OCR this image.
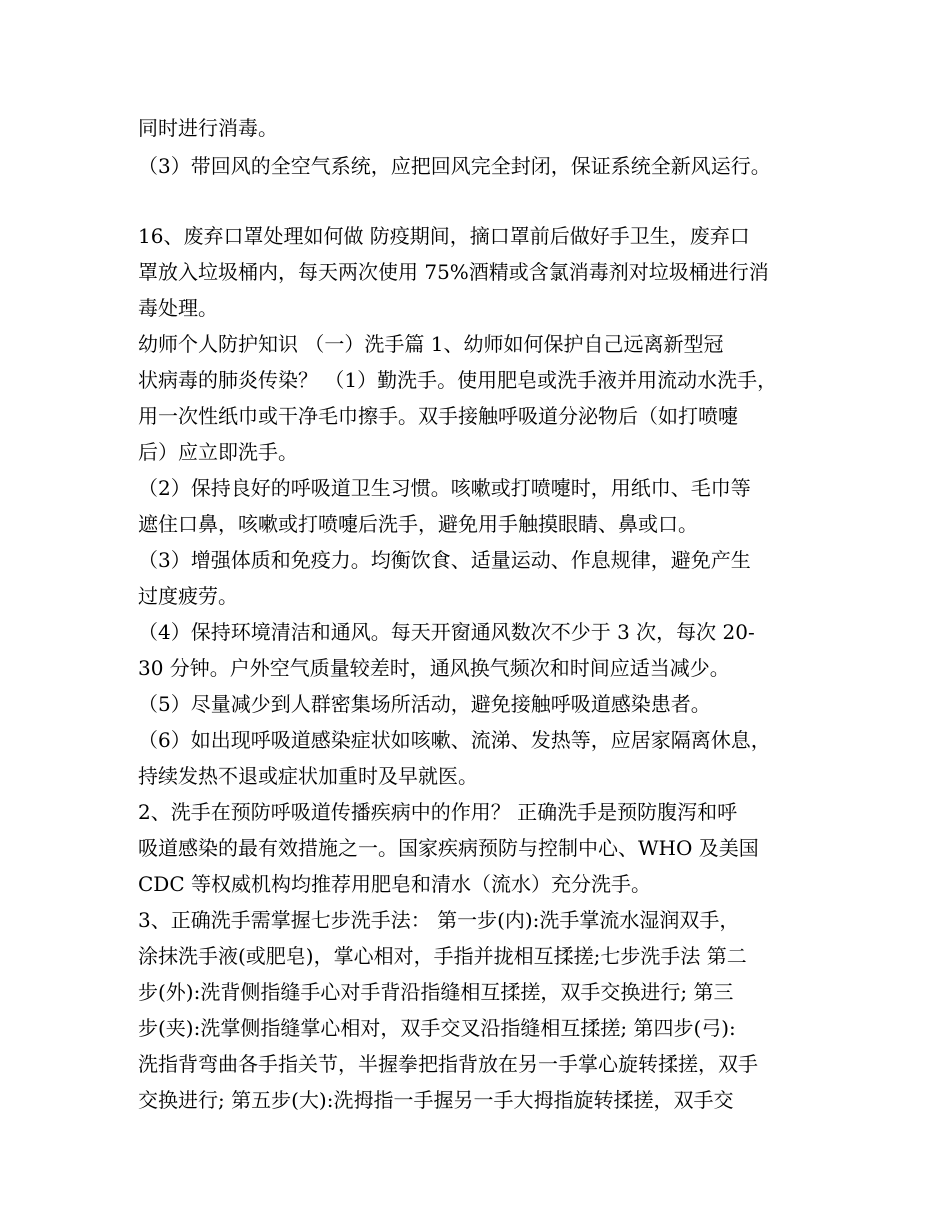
同时进行消毒。
（3）带回风的全空气系统，应把回风完全封闭，保证系统全新风运行。
16、废弃口罩处理如何做 防疫期间，摘口罩前后做好手卫生，废弃口
罩放入垃圾桶内，每天两次使用 75%酒精或含氯消毒剂对垃圾桶进行消
毒处理。
幼师个人防护知识 （一）洗手篇 1、幼师如何保护自己远离新型冠
状病毒的肺炎传染？ （1）勤洗手。使用肥皂或洗手液并用流动水洗手，
用一次性纸巾或干净毛巾擦手。双手接触呼吸道分泌物后（如打喷嚏
后）应立即洗手。
（2）保持良好的呼吸道卫生习惯。咳嗽或打喷嚏时，用纸巾、毛巾等
遮住口鼻，咳嗽或打喷嚏后洗手，避免用手触摸眼睛、鼻或口。
（3）增强体质和免疫力。均衡饮食、适量运动、作息规律，避免产生
过度疲劳。
（4）保持环境清洁和通风。每天开窗通风数次不少于 3 次，每次 20-
30 分钟。户外空气质量较差时，通风换气频次和时间应适当减少。
（5）尽量减少到人群密集场所活动，避免接触呼吸道感染患者。
（6）如出现呼吸道感染症状如咳嗽、流涕、发热等，应居家隔离休息，
持续发热不退或症状加重时及早就医。
2、洗手在预防呼吸道传播疾病中的作用？ 正确洗手是预防腹泻和呼
吸道感染的最有效措施之一。国家疾病预防与控制中心、WHO 及美国
CDC 等权威机构均推荐用肥皂和清水（流水）充分洗手。
3、正确洗手需掌握七步洗手法： 第一步(内):洗手掌流水湿润双手，
涂抹洗手液(或肥皂)，掌心相对，手指并拢相互揉搓;七步洗手法 第二
步(外):洗背侧指缝手心对手背沿指缝相互揉搓，双手交换进行; 第三
步(夹):洗掌侧指缝掌心相对，双手交叉沿指缝相互揉搓; 第四步(弓):
洗指背弯曲各手指关节，半握拳把指背放在另一手掌心旋转揉搓，双手
交换进行; 第五步(大):洗拇指一手握另一手大拇指旋转揉搓，双手交
